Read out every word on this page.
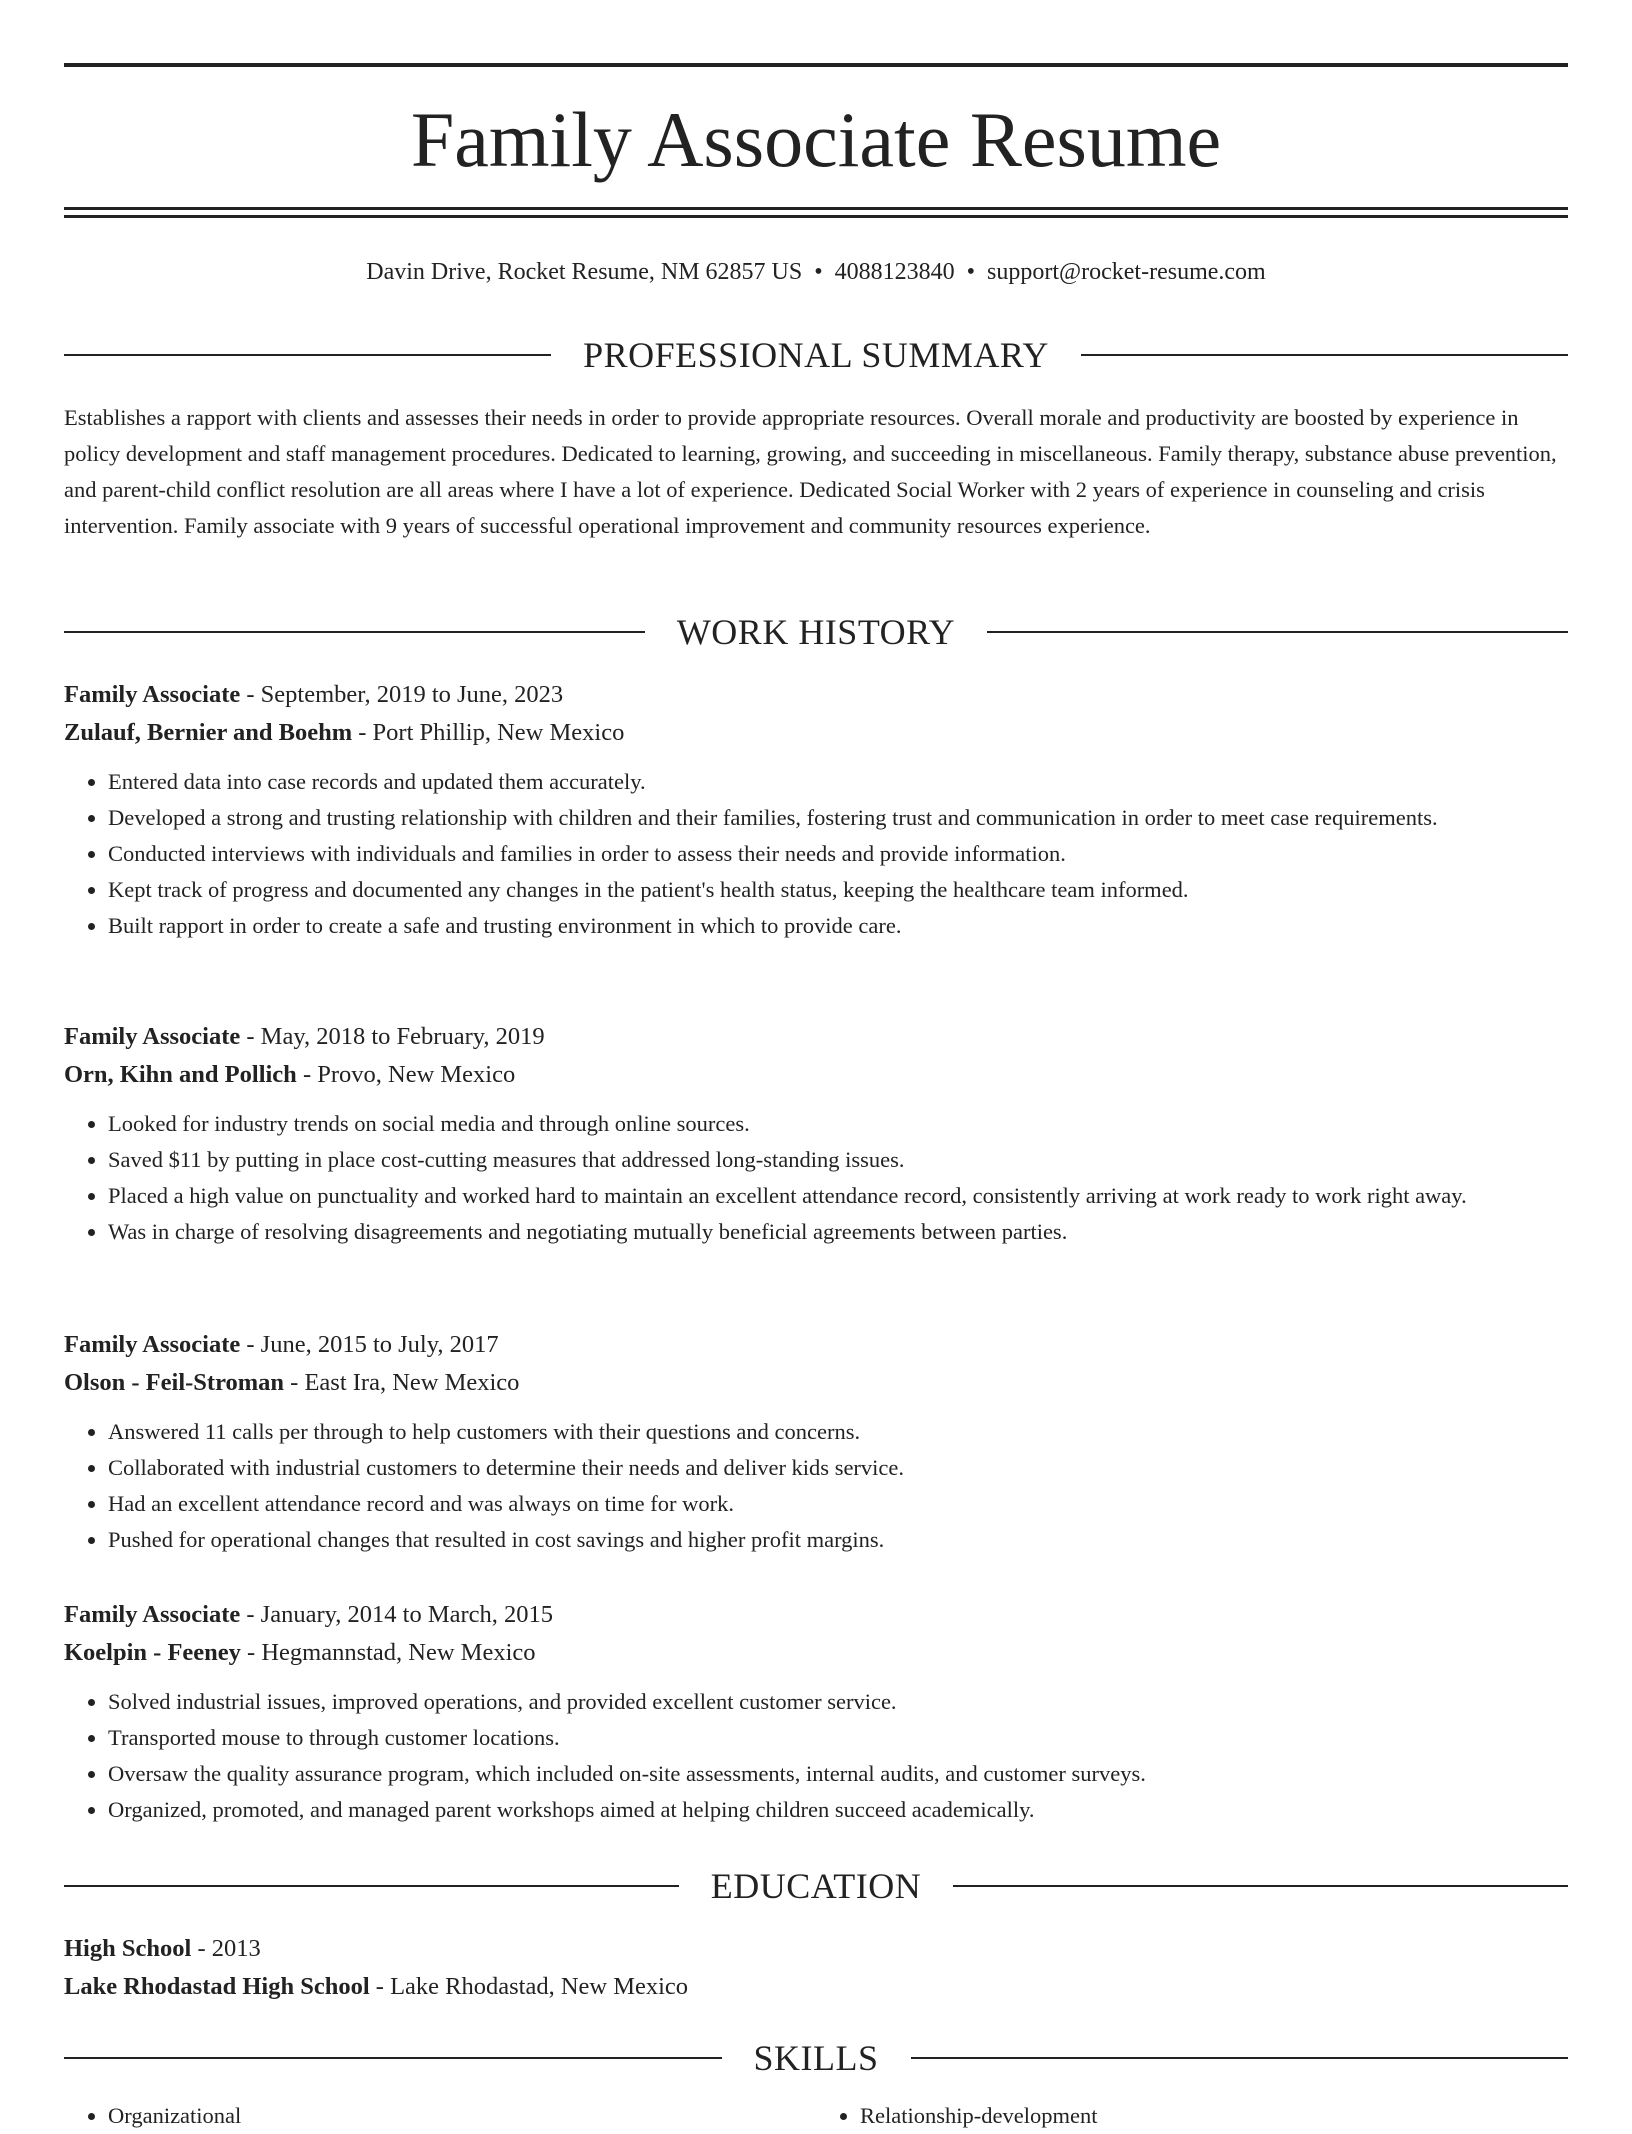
Family Associate Resume
Davin Drive, Rocket Resume, NM 62857 US • 4088123840 • support@rocket-resume.com
PROFESSIONAL SUMMARY

Establishes a rapport with clients and assesses their needs in order to provide appropriate resources. Overall morale and productivity are boosted by experience in policy development and staff management procedures. Dedicated to learning, growing, and succeeding in miscellaneous. Family therapy, substance abuse prevention, and parent-child conflict resolution are all areas where I have a lot of experience. Dedicated Social Worker with 2 years of experience in counseling and crisis intervention. Family associate with 9 years of successful operational improvement and community resources experience.

WORK HISTORY
Family Associate - September, 2019 to June, 2023
Zulauf, Bernier and Boehm - Port Phillip, New Mexico
• Entered data into case records and updated them accurately.
• Developed a strong and trusting relationship with children and their families, fostering trust and communication in order to meet case requirements.
• Conducted interviews with individuals and families in order to assess their needs and provide information.
• Kept track of progress and documented any changes in the patient's health status, keeping the healthcare team informed.
• Built rapport in order to create a safe and trusting environment in which to provide care.
Family Associate - May, 2018 to February, 2019
Orn, Kihn and Pollich - Provo, New Mexico
• Looked for industry trends on social media and through online sources.
• Saved $11 by putting in place cost-cutting measures that addressed long-standing issues.
• Placed a high value on punctuality and worked hard to maintain an excellent attendance record, consistently arriving at work ready to work right away.
• Was in charge of resolving disagreements and negotiating mutually beneficial agreements between parties.
Family Associate - June, 2015 to July, 2017
Olson - Feil-Stroman - East Ira, New Mexico
• Answered 11 calls per through to help customers with their questions and concerns.
• Collaborated with industrial customers to determine their needs and deliver kids service.
• Had an excellent attendance record and was always on time for work.
• Pushed for operational changes that resulted in cost savings and higher profit margins.
Family Associate - January, 2014 to March, 2015
Koelpin - Feeney - Hegmannstad, New Mexico
• Solved industrial issues, improved operations, and provided excellent customer service.
• Transported mouse to through customer locations.
• Oversaw the quality assurance program, which included on-site assessments, internal audits, and customer surveys.
• Organized, promoted, and managed parent workshops aimed at helping children succeed academically.
EDUCATION
High School - 2013
Lake Rhodastad High School - Lake Rhodastad, New Mexico
SKILLS
• Organizational
•	Relationship-development
